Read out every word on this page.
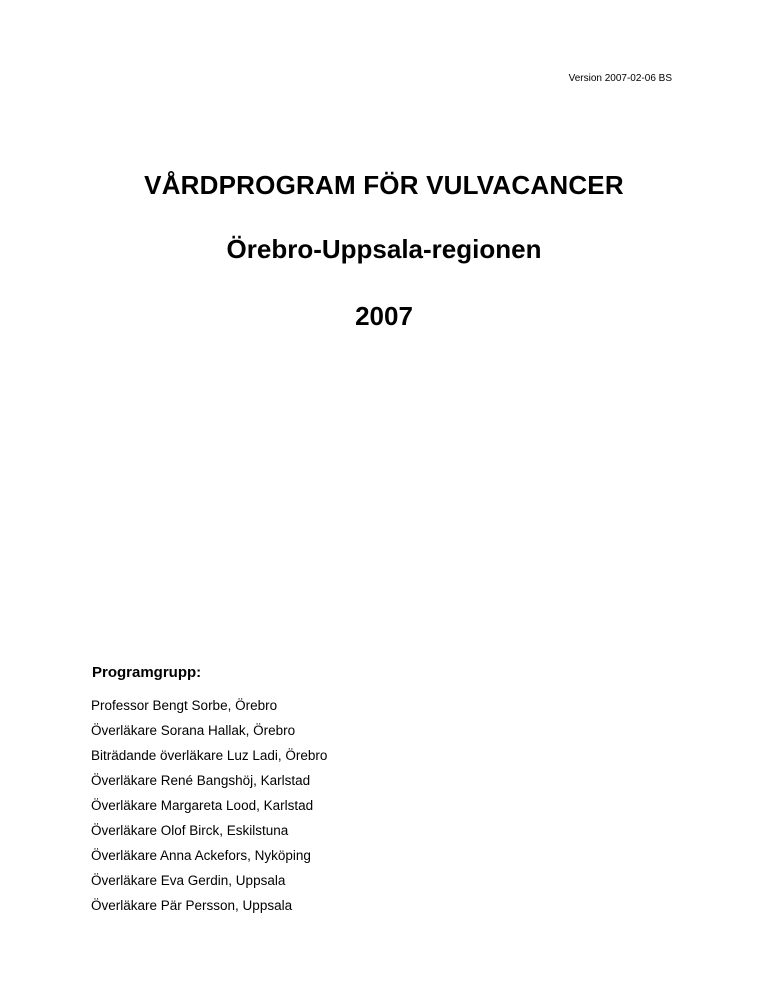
Version 2007-02-06 BS
VÅRDPROGRAM FÖR VULVACANCER
Örebro-Uppsala-regionen
2007
Programgrupp:
Professor Bengt Sorbe, Örebro
Överläkare Sorana Hallak, Örebro
Biträdande överläkare Luz Ladi, Örebro
Överläkare René Bangshöj, Karlstad
Överläkare Margareta Lood, Karlstad
Överläkare Olof Birck, Eskilstuna
Överläkare Anna Ackefors, Nyköping
Överläkare Eva Gerdin, Uppsala
Överläkare Pär Persson, Uppsala
